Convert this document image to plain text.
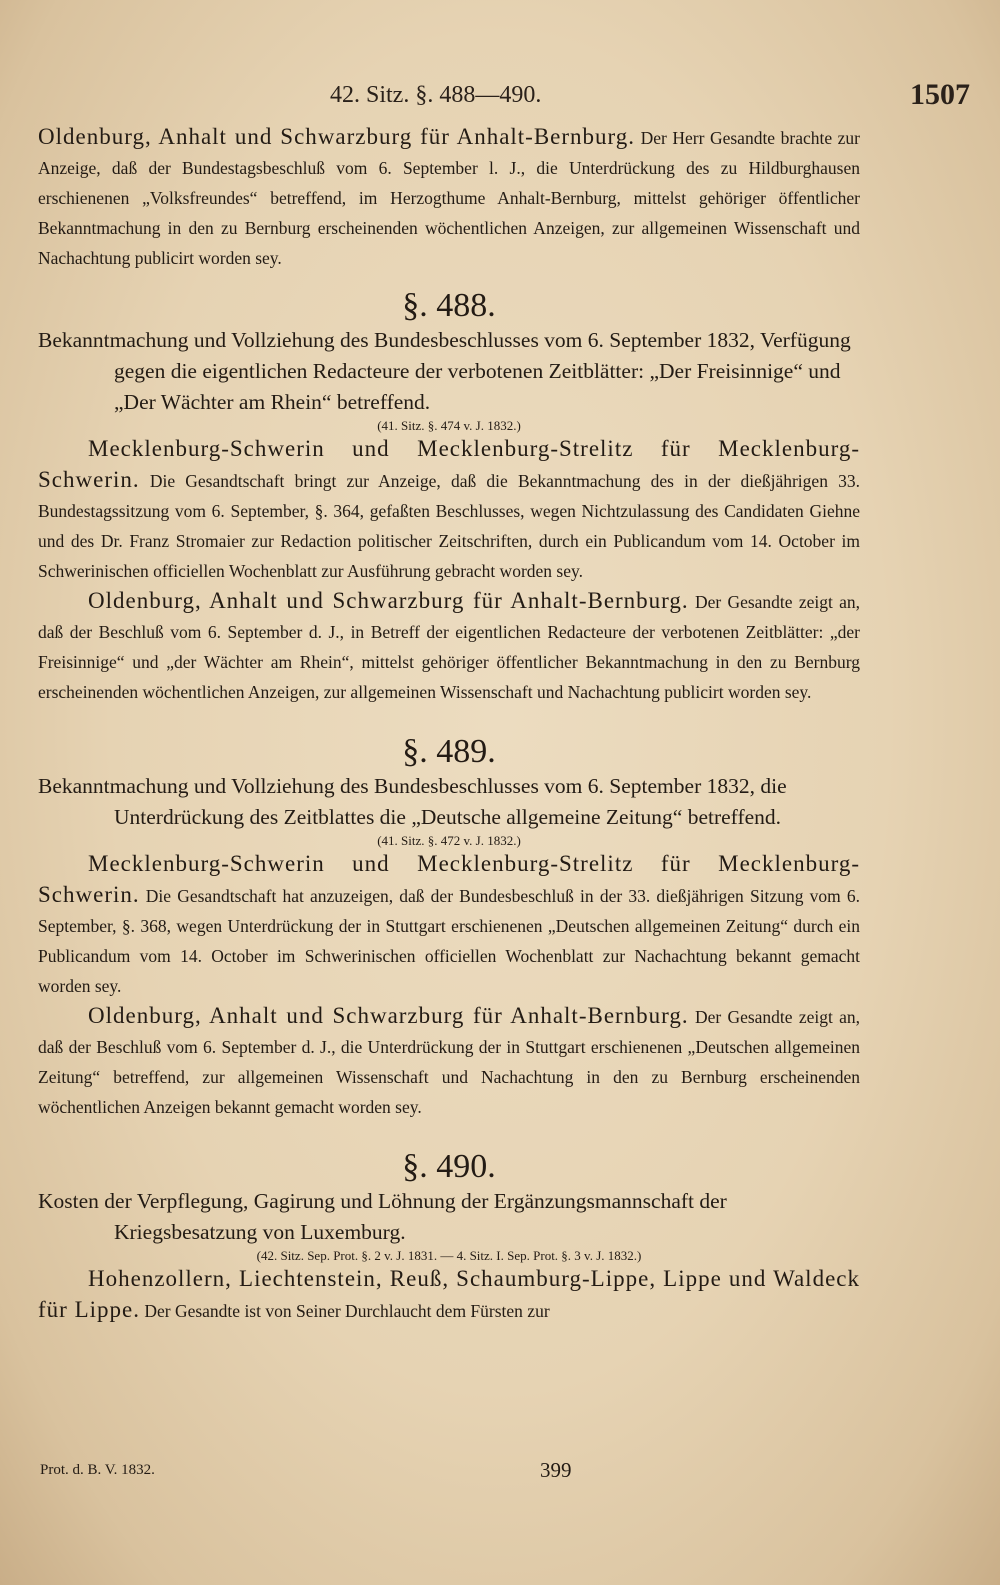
42. Sitz. §. 488—490.	1507

Oldenburg, Anhalt und Schwarzburg für Anhalt-Bernburg. Der Herr Gesandte brachte zur Anzeige, daß der Bundestagsbeschluß vom 6. September l. J., die Unterdrückung des zu Hildburghausen erschienenen „Volksfreundes“ betreffend, im Herzogthume Anhalt-Bernburg, mittelst gehöriger öffentlicher Bekanntmachung in den zu Bernburg erscheinenden wöchentlichen Anzeigen, zur allgemeinen Wissenschaft und Nachachtung publicirt worden sey.

§. 488.

Bekanntmachung und Vollziehung des Bundesbeschlusses vom 6. September 1832, Verfügung gegen die eigentlichen Redacteure der verbotenen Zeitblätter: „Der Freisinnige“ und „Der Wächter am Rhein“ betreffend.

(41. Sitz. §. 474 v. J. 1832.)

Mecklenburg-Schwerin und Mecklenburg-Strelitz für Mecklenburg-Schwerin. Die Gesandtschaft bringt zur Anzeige, daß die Bekanntmachung des in der dießjährigen 33. Bundestagssitzung vom 6. September, §. 364, gefaßten Beschlusses, wegen Nichtzulassung des Candidaten Giehne und des Dr. Franz Stromaier zur Redaction politischer Zeitschriften, durch ein Publicandum vom 14. October im Schwerinischen officiellen Wochenblatt zur Ausführung gebracht worden sey.

Oldenburg, Anhalt und Schwarzburg für Anhalt-Bernburg. Der Gesandte zeigt an, daß der Beschluß vom 6. September d. J., in Betreff der eigentlichen Redacteure der verbotenen Zeitblätter: „der Freisinnige“ und „der Wächter am Rhein“, mittelst gehöriger öffentlicher Bekanntmachung in den zu Bernburg erscheinenden wöchentlichen Anzeigen, zur allgemeinen Wissenschaft und Nachachtung publicirt worden sey.

§. 489.

Bekanntmachung und Vollziehung des Bundesbeschlusses vom 6. September 1832, die Unterdrückung des Zeitblattes die „Deutsche allgemeine Zeitung“ betreffend.

(41. Sitz. §. 472 v. J. 1832.)

Mecklenburg-Schwerin und Mecklenburg-Strelitz für Mecklenburg-Schwerin. Die Gesandtschaft hat anzuzeigen, daß der Bundesbeschluß in der 33. dießjährigen Sitzung vom 6. September, §. 368, wegen Unterdrückung der in Stuttgart erschienenen „Deutschen allgemeinen Zeitung“ durch ein Publicandum vom 14. October im Schwerinischen officiellen Wochenblatt zur Nachachtung bekannt gemacht worden sey.

Oldenburg, Anhalt und Schwarzburg für Anhalt-Bernburg. Der Gesandte zeigt an, daß der Beschluß vom 6. September d. J., die Unterdrückung der in Stuttgart erschienenen „Deutschen allgemeinen Zeitung“ betreffend, zur allgemeinen Wissenschaft und Nachachtung in den zu Bernburg erscheinenden wöchentlichen Anzeigen bekannt gemacht worden sey.

§. 490.

Kosten der Verpflegung, Gagirung und Löhnung der Ergänzungsmannschaft der Kriegsbesatzung von Luxemburg.

(42. Sitz. Sep. Prot. §. 2 v. J. 1831. — 4. Sitz. I. Sep. Prot. §. 3 v. J. 1832.)

Hohenzollern, Liechtenstein, Reuß, Schaumburg-Lippe, Lippe und Waldeck für Lippe. Der Gesandte ist von Seiner Durchlaucht dem Fürsten zur

Prot. d. B. V. 1832.	399
